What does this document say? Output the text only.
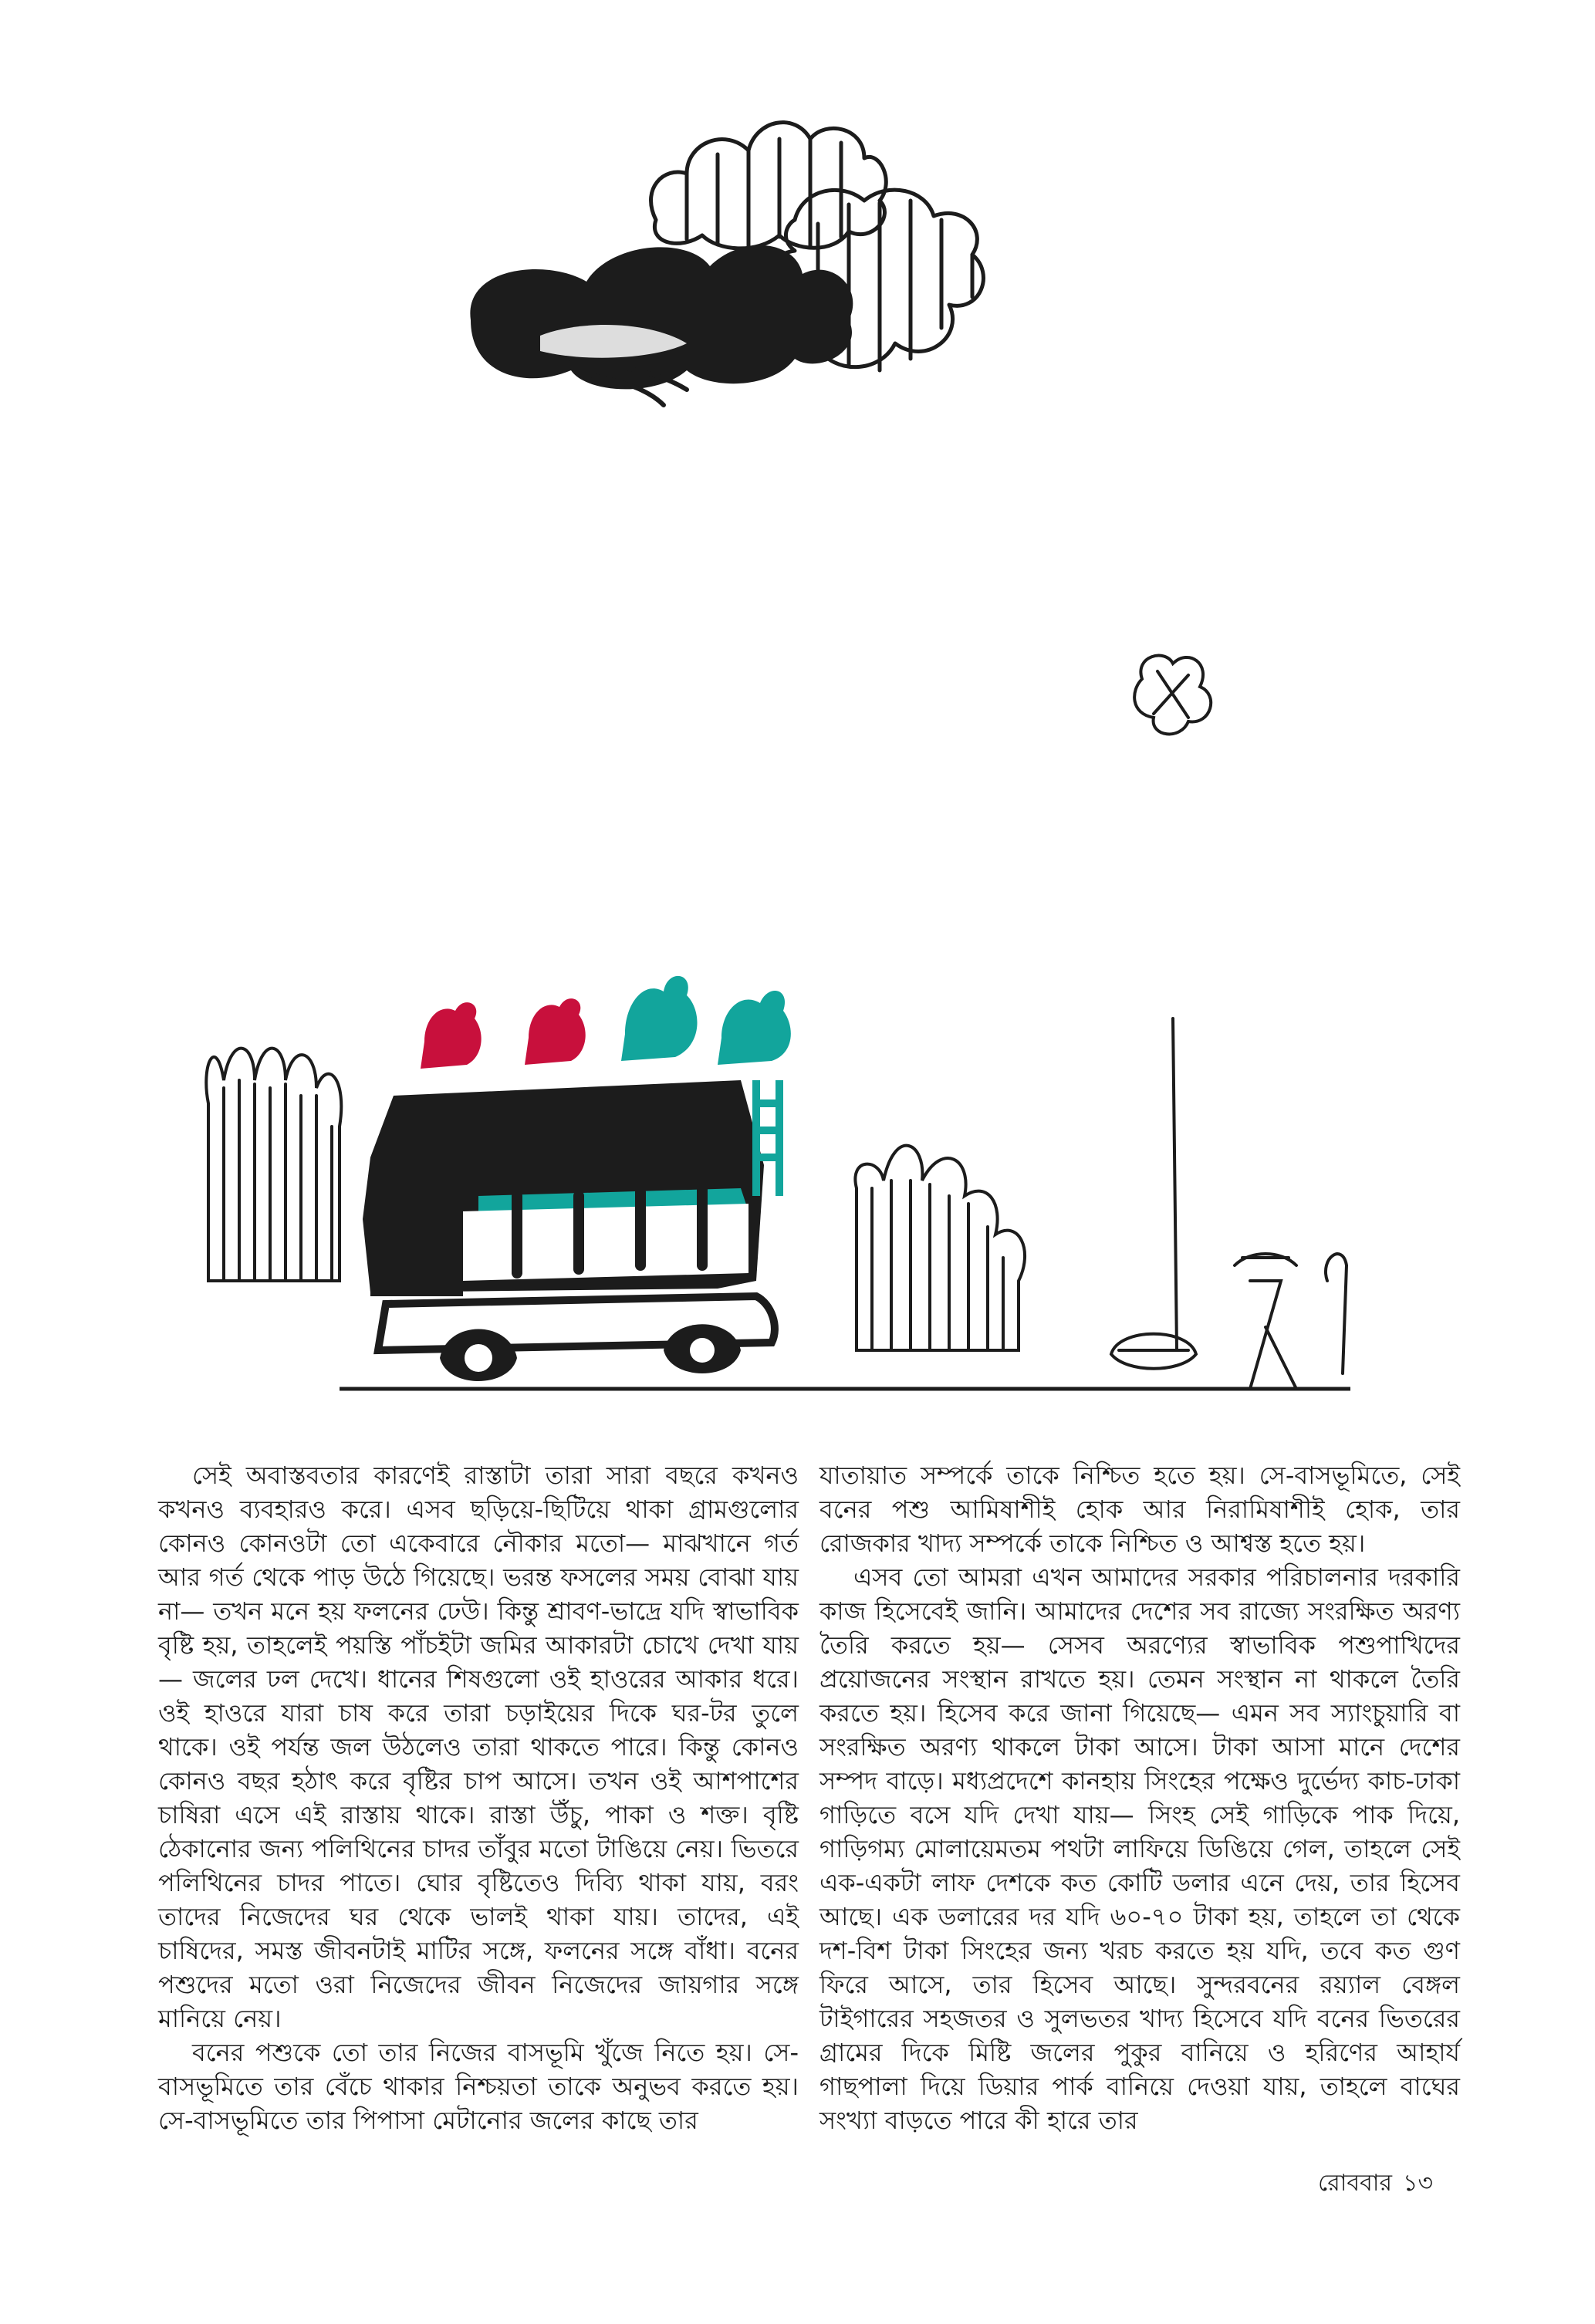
সেই অবাস্তবতার কারণেই রাস্তাটা তারা সারা বছরে কখনও কখনও ব্যবহারও করে। এসব ছড়িয়ে-ছিটিয়ে থাকা গ্রামগুলোর কোনও কোনওটা তো একেবারে নৌকার মতো— মাঝখানে গর্ত আর গর্ত থেকে পাড় উঠে গিয়েছে। ভরন্ত ফসলের সময় বোঝা যায় না— তখন মনে হয় ফলনের ঢেউ। কিন্তু শ্রাবণ-ভাদ্রে যদি স্বাভাবিক বৃষ্টি হয়, তাহলেই পয়স্তি পাঁচইটা জমির আকারটা চোখে দেখা যায়— জলের ঢল দেখে। ধানের শিষগুলো ওই হাওরের আকার ধরে। ওই হাওরে যারা চাষ করে তারা চড়াইয়ের দিকে ঘর-টর তুলে থাকে। ওই পর্যন্ত জল উঠলেও তারা থাকতে পারে। কিন্তু কোনও কোনও বছর হঠাৎ করে বৃষ্টির চাপ আসে। তখন ওই আশপাশের চাষিরা এসে এই রাস্তায় থাকে। রাস্তা উঁচু, পাকা ও শক্ত। বৃষ্টি ঠেকানোর জন্য পলিথিনের চাদর তাঁবুর মতো টাঙিয়ে নেয়। ভিতরে পলিথিনের চাদর পাতে। ঘোর বৃষ্টিতেও দিব্যি থাকা যায়, বরং তাদের নিজেদের ঘর থেকে ভালই থাকা যায়। তাদের, এই চাষিদের, সমস্ত জীবনটাই মাটির সঙ্গে, ফলনের সঙ্গে বাঁধা। বনের পশুদের মতো ওরা নিজেদের জীবন নিজেদের জায়গার সঙ্গে মানিয়ে নেয়।

বনের পশুকে তো তার নিজের বাসভূমি খুঁজে নিতে হয়। সে-বাসভূমিতে তার বেঁচে থাকার নিশ্চয়তা তাকে অনুভব করতে হয়। সে-বাসভূমিতে তার পিপাসা মেটানোর জলের কাছে তার

যাতায়াত সম্পর্কে তাকে নিশ্চিত হতে হয়। সে-বাসভূমিতে, সেই বনের পশু আমিষাশীই হোক আর নিরামিষাশীই হোক, তার রোজকার খাদ্য সম্পর্কে তাকে নিশ্চিত ও আশ্বস্ত হতে হয়।

এসব তো আমরা এখন আমাদের সরকার পরিচালনার দরকারি কাজ হিসেবেই জানি। আমাদের দেশের সব রাজ্যে সংরক্ষিত অরণ্য তৈরি করতে হয়— সেসব অরণ্যের স্বাভাবিক পশুপাখিদের প্রয়োজনের সংস্থান রাখতে হয়। তেমন সংস্থান না থাকলে তৈরি করতে হয়। হিসেব করে জানা গিয়েছে— এমন সব স্যাংচুয়ারি বা সংরক্ষিত অরণ্য থাকলে টাকা আসে। টাকা আসা মানে দেশের সম্পদ বাড়ে। মধ্যপ্রদেশে কানহায় সিংহের পক্ষেও দুর্ভেদ্য কাচ-ঢাকা গাড়িতে বসে যদি দেখা যায়— সিংহ সেই গাড়িকে পাক দিয়ে, গাড়িগম্য মোলায়েমতম পথটা লাফিয়ে ডিঙিয়ে গেল, তাহলে সেই এক-একটা লাফ দেশকে কত কোটি ডলার এনে দেয়, তার হিসেব আছে। এক ডলারের দর যদি ৬০-৭০ টাকা হয়, তাহলে তা থেকে দশ-বিশ টাকা সিংহের জন্য খরচ করতে হয় যদি, তবে কত গুণ ফিরে আসে, তার হিসেব আছে। সুন্দরবনের রয়্যাল বেঙ্গল টাইগারের সহজতর ও সুলভতর খাদ্য হিসেবে যদি বনের ভিতরের গ্রামের দিকে মিষ্টি জলের পুকুর বানিয়ে ও হরিণের আহার্য গাছপালা দিয়ে ডিয়ার পার্ক বানিয়ে দেওয়া যায়, তাহলে বাঘের সংখ্যা বাড়তে পারে কী হারে তার

রোববার ১৩
